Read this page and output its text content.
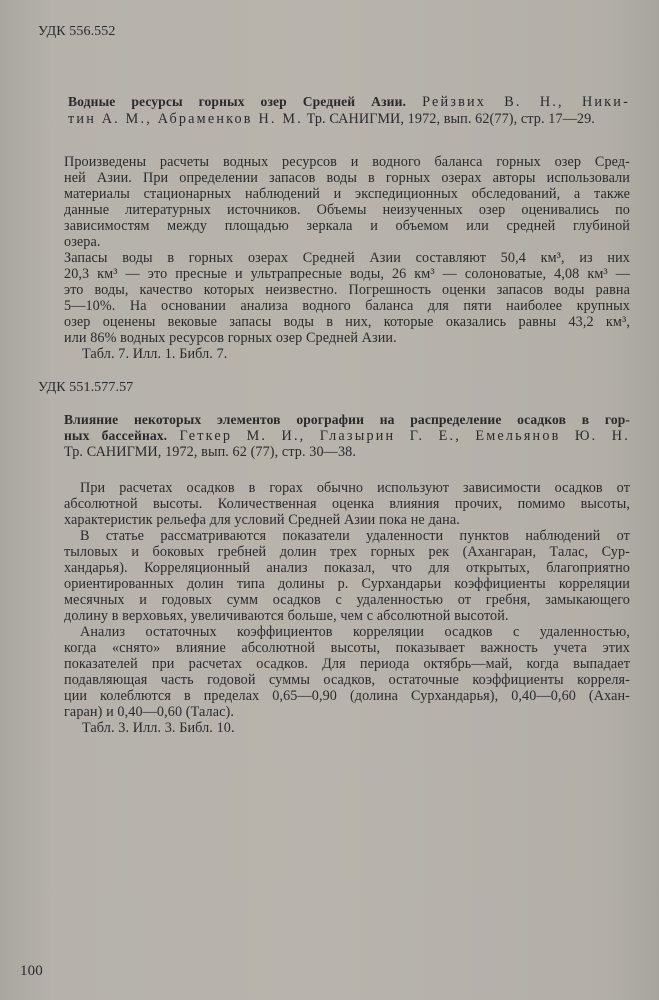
УДК 556.552
Водные ресурсы горных озер Средней Азии. Рейзвих В. Н., Ники-
тин А. М., Абраменков Н. М. Тр. САНИГМИ, 1972, вып. 62(77), стр. 17—29.
Произведены расчеты водных ресурсов и водного баланса горных озер Сред-
ней Азии. При определении запасов воды в горных озерах авторы использовали
материалы стационарных наблюдений и экспедиционных обследований, а также
данные литературных источников. Объемы неизученных озер оценивались по
зависимостям между площадью зеркала и объемом или средней глубиной
озера.
Запасы воды в горных озерах Средней Азии составляют 50,4 км³, из них
20,3 км³ — это пресные и ультрапресные воды, 26 км³ — солоноватые, 4,08 км³ —
это воды, качество которых неизвестно. Погрешность оценки запасов воды равна
5—10%. На основании анализа водного баланса для пяти наиболее крупных
озер оценены вековые запасы воды в них, которые оказались равны 43,2 км³,
или 86% водных ресурсов горных озер Средней Азии.
Табл. 7. Илл. 1. Библ. 7.
УДК 551.577.57
Влияние некоторых элементов орографии на распределение осадков в гор-
ных бассейнах. Геткер М. И., Глазырин Г. Е., Емельянов Ю. Н.
Тр. САНИГМИ, 1972, вып. 62 (77), стр. 30—38.
При расчетах осадков в горах обычно используют зависимости осадков от
абсолютной высоты. Количественная оценка влияния прочих, помимо высоты,
характеристик рельефа для условий Средней Азии пока не дана.
В статье рассматриваются показатели удаленности пунктов наблюдений от
тыловых и боковых гребней долин трех горных рек (Ахангаран, Талас, Сур-
хандарья). Корреляционный анализ показал, что для открытых, благоприятно
ориентированных долин типа долины р. Сурхандарьи коэффициенты корреляции
месячных и годовых сумм осадков с удаленностью от гребня, замыкающего
долину в верховьях, увеличиваются больше, чем с абсолютной высотой.
Анализ остаточных коэффициентов корреляции осадков с удаленностью,
когда «снято» влияние абсолютной высоты, показывает важность учета этих
показателей при расчетах осадков. Для периода октябрь—май, когда выпадает
подавляющая часть годовой суммы осадков, остаточные коэффициенты корреля-
ции колеблются в пределах 0,65—0,90 (долина Сурхандарья), 0,40—0,60 (Ахан-
гаран) и 0,40—0,60 (Талас).
Табл. 3. Илл. 3. Библ. 10.
100
